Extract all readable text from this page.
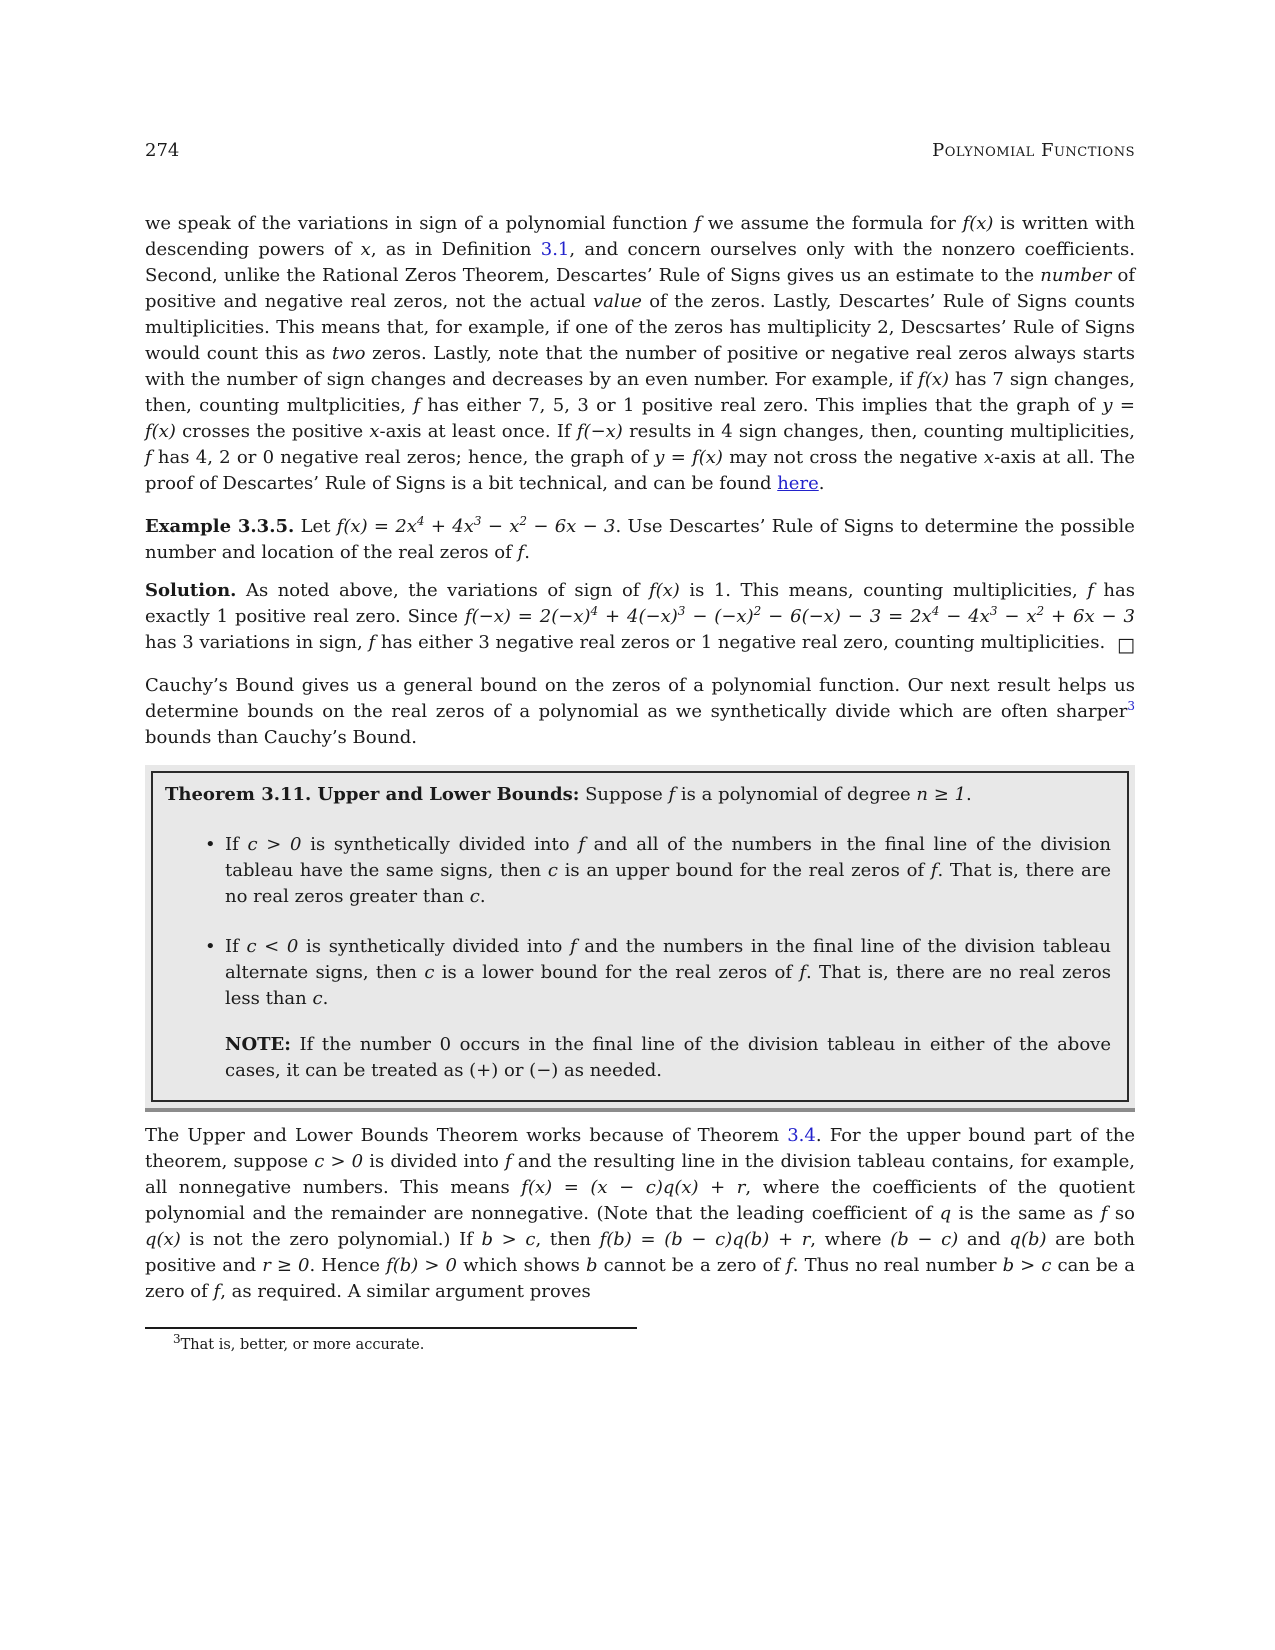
274	Polynomial Functions

we speak of the variations in sign of a polynomial function f we assume the formula for f(x) is written with descending powers of x, as in Definition 3.1, and concern ourselves only with the nonzero coefficients. Second, unlike the Rational Zeros Theorem, Descartes’ Rule of Signs gives us an estimate to the number of positive and negative real zeros, not the actual value of the zeros. Lastly, Descartes’ Rule of Signs counts multiplicities. This means that, for example, if one of the zeros has multiplicity 2, Descsartes’ Rule of Signs would count this as two zeros. Lastly, note that the number of positive or negative real zeros always starts with the number of sign changes and decreases by an even number. For example, if f(x) has 7 sign changes, then, counting multplicities, f has either 7, 5, 3 or 1 positive real zero. This implies that the graph of y = f(x) crosses the positive x-axis at least once. If f(−x) results in 4 sign changes, then, counting multiplicities, f has 4, 2 or 0 negative real zeros; hence, the graph of y = f(x) may not cross the negative x-axis at all. The proof of Descartes’ Rule of Signs is a bit technical, and can be found here.

Example 3.3.5. Let $f(x) = 2x^4 + 4x^3 - x^2 - 6x - 3$. Use Descartes’ Rule of Signs to determine the possible number and location of the real zeros of f.

Solution. As noted above, the variations of sign of f(x) is 1. This means, counting multiplicities, f has exactly 1 positive real zero. Since $f(-x) = 2(-x)^4 + 4(-x)^3 - (-x)^2 - 6(-x) - 3 = 2x^4 - 4x^3 - x^2 + 6x - 3$ has 3 variations in sign, f has either 3 negative real zeros or 1 negative real zero, counting multiplicities. □

Cauchy’s Bound gives us a general bound on the zeros of a polynomial function. Our next result helps us determine bounds on the real zeros of a polynomial as we synthetically divide which are often sharper$^3$ bounds than Cauchy’s Bound.

Theorem 3.11. Upper and Lower Bounds: Suppose f is a polynomial of degree n ≥ 1.

• If c > 0 is synthetically divided into f and all of the numbers in the final line of the division tableau have the same signs, then c is an upper bound for the real zeros of f. That is, there are no real zeros greater than c.
• If c < 0 is synthetically divided into f and the numbers in the final line of the division tableau alternate signs, then c is a lower bound for the real zeros of f. That is, there are no real zeros less than c.

NOTE: If the number 0 occurs in the final line of the division tableau in either of the above cases, it can be treated as (+) or (−) as needed.

The Upper and Lower Bounds Theorem works because of Theorem 3.4. For the upper bound part of the theorem, suppose c > 0 is divided into f and the resulting line in the division tableau contains, for example, all nonnegative numbers. This means f(x) = (x − c)q(x) + r, where the coefficients of the quotient polynomial and the remainder are nonnegative. (Note that the leading coefficient of q is the same as f so q(x) is not the zero polynomial.) If b > c, then f(b) = (b − c)q(b) + r, where (b − c) and q(b) are both positive and r ≥ 0. Hence f(b) > 0 which shows b cannot be a zero of f. Thus no real number b > c can be a zero of f, as required. A similar argument proves

$^3$That is, better, or more accurate.
